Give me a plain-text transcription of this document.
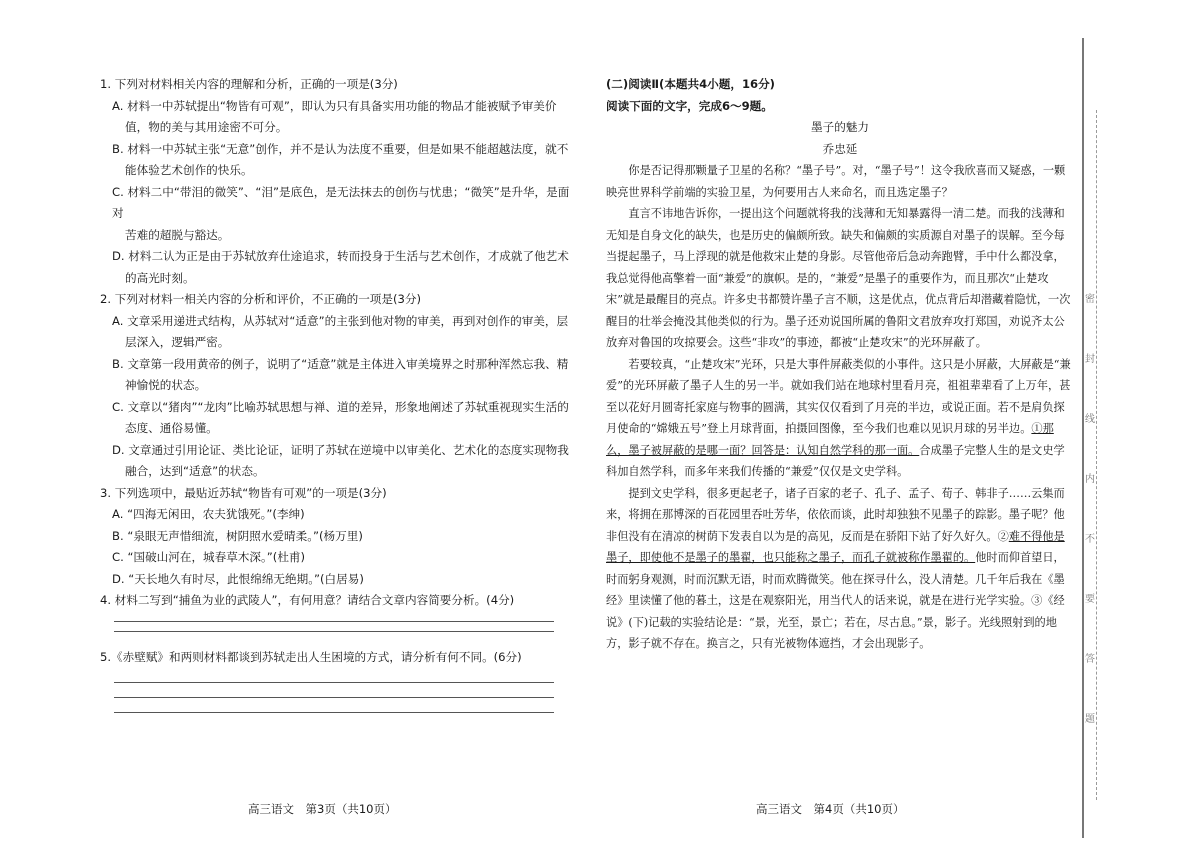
1. 下列对材料相关内容的理解和分析，正确的一项是(3分)

A. 材料一中苏轼提出“物皆有可观”，即认为只有具备实用功能的物品才能被赋予审美价
值，物的美与其用途密不可分。

B. 材料一中苏轼主张“无意”创作，并不是认为法度不重要，但是如果不能超越法度，就不
能体验艺术创作的快乐。

C. 材料二中“带泪的微笑”、“泪”是底色，是无法抹去的创伤与忧患；“微笑”是升华，是面对
苦难的超脱与豁达。

D. 材料二认为正是由于苏轼放弃仕途追求，转而投身于生活与艺术创作，才成就了他艺术
的高光时刻。

2. 下列对材料一相关内容的分析和评价，不正确的一项是(3分)

A. 文章采用递进式结构，从苏轼对“适意”的主张到他对物的审美，再到对创作的审美，层
层深入，逻辑严密。

B. 文章第一段用黄帝的例子，说明了“适意”就是主体进入审美境界之时那种浑然忘我、精
神愉悦的状态。

C. 文章以“猪肉”“龙肉”比喻苏轼思想与禅、道的差异，形象地阐述了苏轼重视现实生活的
态度、通俗易懂。

D. 文章通过引用论证、类比论证，证明了苏轼在逆境中以审美化、艺术化的态度实现物我
融合，达到“适意”的状态。

3. 下列选项中，最贴近苏轼“物皆有可观”的一项是(3分)

A. “四海无闲田，农夫犹饿死。”(李绅)

B. “泉眼无声惜细流，树阴照水爱晴柔。”(杨万里)

C. “国破山河在，城春草木深。”(杜甫)

D. “天长地久有时尽，此恨绵绵无绝期。”(白居易)

4. 材料二写到“捕鱼为业的武陵人”，有何用意？请结合文章内容简要分析。(4分)

5.《赤壁赋》和两则材料都谈到苏轼走出人生困境的方式，请分析有何不同。(6分)

高三语文　第3页（共10页）

(二)阅读Ⅱ(本题共4小题，16分)

阅读下面的文字，完成6～9题。

墨子的魅力

乔忠延

你是否记得那颗量子卫星的名称？“墨子号”。对，“墨子号”！这令我欣喜而又疑惑，一颗映亮世界科学前端的实验卫星，为何要用古人来命名，而且选定墨子？

直言不讳地告诉你，一提出这个问题就将我的浅薄和无知暴露得一清二楚。而我的浅薄和无知是自身文化的缺失，也是历史的偏颇所致。缺失和偏颇的实质源自对墨子的误解。至今每当提起墨子，马上浮现的就是他救宋止楚的身影。尽管他帝后急动奔跑臂，手中什么都没拿，我总觉得他高擎着一面“兼爱”的旗帜。是的，“兼爱”是墨子的重要作为，而且那次“止楚攻宋”就是最醒目的亮点。许多史书都赞许墨子言不顺，这是优点，优点背后却潜藏着隐忧，一次醒目的壮举会掩没其他类似的行为。墨子还劝说国所属的鲁阳文君放弃攻打郑国，劝说齐太公放弃对鲁国的攻掠要会。这些“非攻”的事迹，都被“止楚攻宋”的光环屏蔽了。

若要较真，“止楚攻宋”光环，只是大事件屏蔽类似的小事件。这只是小屏蔽，大屏蔽是“兼爱”的光环屏蔽了墨子人生的另一半。就如我们站在地球村里看月亮，祖祖辈辈看了上万年，甚至以花好月圆寄托家庭与物事的圆满，其实仅仅看到了月亮的半边，或说正面。若不是肩负探月使命的“嫦娥五号”登上月球背面，拍摄回图像，至今我们也难以见识月球的另半边。①那么，墨子被屏蔽的是哪一面？回答是：认知自然学科的那一面。合成墨子完整人生的是文史学科加自然学科，而多年来我们传播的“兼爱”仅仅是文史学科。

提到文史学科，很多更起老子，诸子百家的老子、孔子、孟子、荀子、韩非子……云集而来，将拥在那博深的百花园里吞吐芳华，依依而谈，此时却独独不见墨子的踪影。墨子呢？他非但没有在清凉的树荫下发表自以为是的高见，反而是在骄阳下站了好久好久。②难不得他是墨子，即使他不是墨子的墨翟，也只能称之墨子，而孔子就被称作墨翟的。他时而仰首望日，时而躬身观测，时而沉默无语，时而欢腾微笑。他在探寻什么，没人清楚。几千年后我在《墨经》里读懂了他的暮土，这是在观察阳光，用当代人的话来说，就是在进行光学实验。③《经说》(下)记载的实验结论是：“景，光至，景亡；若在，尽古息。”景，影子。光线照射到的地方，影子就不存在。换言之，只有光被物体遮挡，才会出现影子。

高三语文　第4页（共10页）
密
封
线
内
不
要
答
题
